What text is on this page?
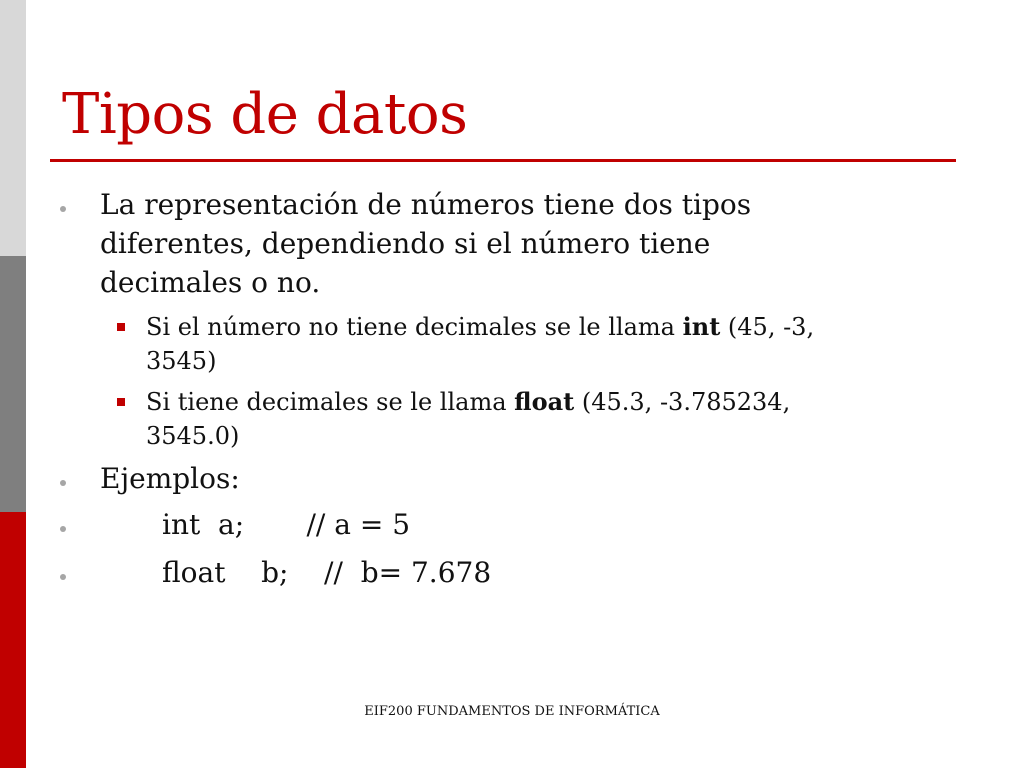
Tipos de datos
La representación de números tiene dos tipos
diferentes, dependiendo si el número tiene
decimales o no.
Si el número no tiene decimales se le llama int (45, -3,
3545)
Si tiene decimales se le llama float (45.3, -3.785234,
3545.0)
Ejemplos:
int  a;       // a = 5
float    b;    //  b= 7.678
EIF200 FUNDAMENTOS DE INFORMÁTICA
